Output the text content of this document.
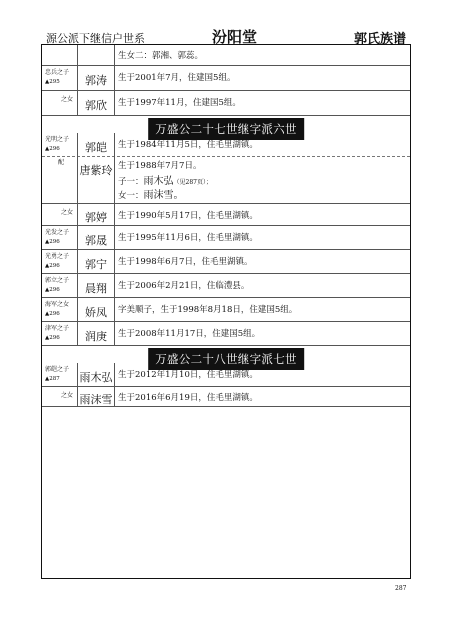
源公派下继信户世系	汾阳堂	郭氏族谱
生女二：郭湘、郭蕊。
忠兵之子
▲295	郭涛	生于2001年7月，住建国5组。
之女	郭欣	生于1997年11月，住建国5组。
万盛公二十七世继字派六世
光明之子
▲296	郭皑	生于1984年11月5日，住毛里湖镇。
配
唐紫玲 生于1988年7月7日。
子一：雨木弘（见287页）；
女一：雨沫雪。
之女	郭婷	生于1990年5月17日，住毛里湖镇。
光发之子
▲296	郭晟	生于1995年11月6日，住毛里湖镇。
光勇之子
▲296	郭宁	生于1998年6月7日，住毛里湖镇。
郭立之子
▲296	晨翔	生于2006年2月21日，住临澧县。
海军之女
▲296	娇凤	字美顺子，生于1998年8月18日，住建国5组。
津军之子
▲296	润庚	生于2008年11月17日，住建国5组。
万盛公二十八世继字派七世
郭皑之子
▲287 雨木弘 生于2012年1月10日，住毛里湖镇。
之女 雨沫雪 生于2016年6月19日，住毛里湖镇。
287
